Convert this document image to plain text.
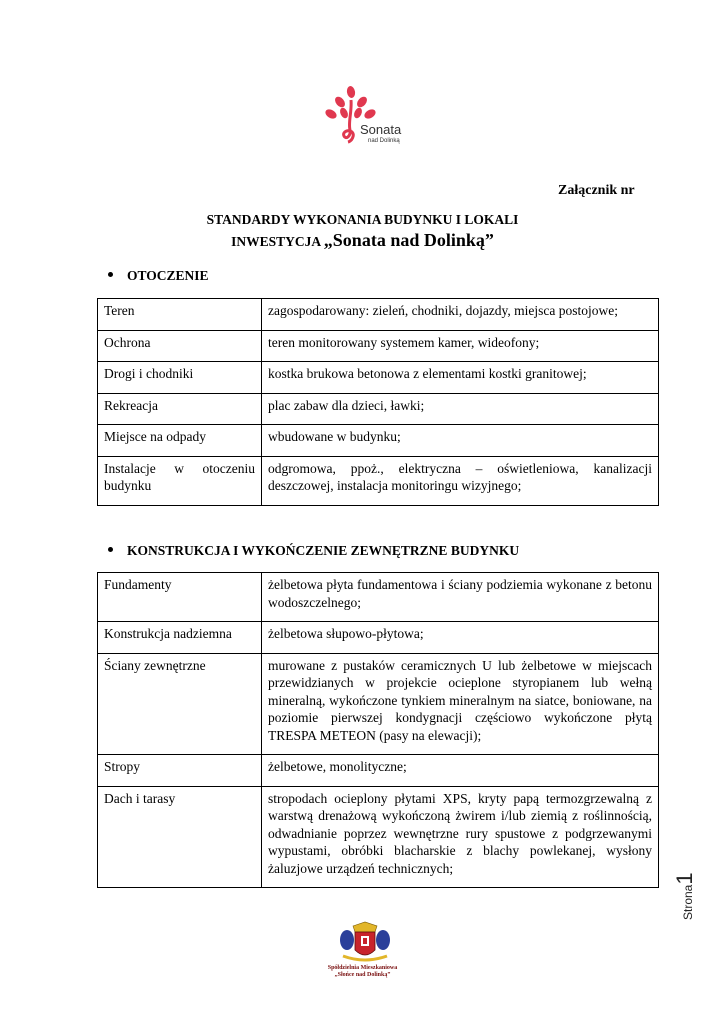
Sonata
nad Dolinką
Załącznik nr
STANDARDY WYKONANIA BUDYNKU I LOKALI
INWESTYCJA „Sonata nad Dolinką”
OTOCZENIE
Teren	zagospodarowany: zieleń, chodniki, dojazdy, miejsca postojowe;
Ochrona	teren monitorowany systemem kamer, wideofony;
Drogi i chodniki	kostka brukowa betonowa z elementami kostki granitowej;
Rekreacja	plac zabaw dla dzieci, ławki;
Miejsce na odpady	wbudowane w budynku;
Instalacje w otoczeniu budynku	odgromowa, ppoż., elektryczna – oświetleniowa, kanalizacji deszczowej, instalacja monitoringu wizyjnego;
KONSTRUKCJA I WYKOŃCZENIE ZEWNĘTRZNE BUDYNKU
Fundamenty	żelbetowa płyta fundamentowa i ściany podziemia wykonane z betonu wodoszczelnego;
Konstrukcja nadziemna	żelbetowa słupowo-płytowa;
Ściany zewnętrzne	murowane z pustaków ceramicznych U lub żelbetowe w miejscach przewidzianych w projekcie ocieplone styropianem lub wełną mineralną, wykończone tynkiem mineralnym na siatce, boniowane, na poziomie pierwszej kondygnacji częściowo wykończone płytą TRESPA METEON (pasy na elewacji);
Stropy	żelbetowe, monolityczne;
Dach i tarasy	stropodach ocieplony płytami XPS, kryty papą termozgrzewalną z warstwą drenażową wykończoną żwirem i/lub ziemią z roślinnością, odwadnianie poprzez wewnętrzne rury spustowe z podgrzewanymi wypustami, obróbki blacharskie z blachy powlekanej, wysłony żaluzjowe urządzeń technicznych;
Strona1
Spółdzielnia Mieszkaniowa
„Słońce nad Dolinką”
